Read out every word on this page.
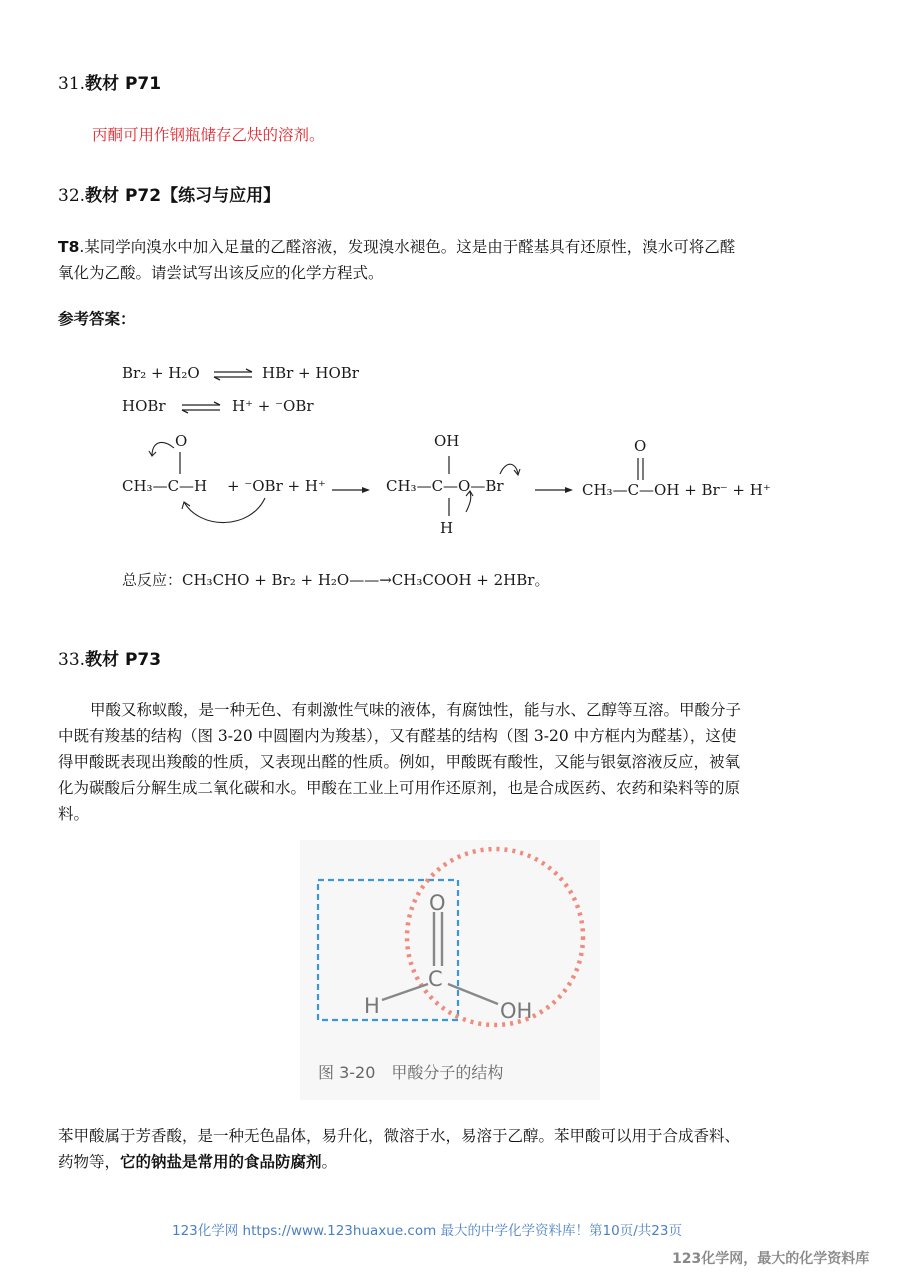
31.教材 P71
丙酮可用作钢瓶储存乙炔的溶剂。
32.教材 P72【练习与应用】
T8.某同学向溴水中加入足量的乙醛溶液，发现溴水褪色。这是由于醛基具有还原性，溴水可将乙醛
氧化为乙酸。请尝试写出该反应的化学方程式。
参考答案：
Br₂ + H₂O ⇌ HBr + HOBr
HOBr ⇌ H⁺ + ⁻OBr
O
CH₃—C—H + ⁻OBr + H⁺ →
OH
CH₃—C—O—Br
H
O
CH₃—C—OH + Br⁻ + H⁺
总反应：CH₃CHO + Br₂ + H₂O——→CH₃COOH + 2HBr。
33.教材 P73
甲酸又称蚁酸，是一种无色、有刺激性气味的液体，有腐蚀性，能与水、乙醇等互溶。甲酸分子
中既有羧基的结构（图 3-20 中圆圈内为羧基），又有醛基的结构（图 3-20 中方框内为醛基），这使
得甲酸既表现出羧酸的性质，又表现出醛的性质。例如，甲酸既有酸性，又能与银氨溶液反应，被氧
化为碳酸后分解生成二氧化碳和水。甲酸在工业上可用作还原剂，也是合成医药、农药和染料等的原
料。
O
C
H	OH
图 3-20　甲酸分子的结构
苯甲酸属于芳香酸，是一种无色晶体，易升化，微溶于水，易溶于乙醇。苯甲酸可以用于合成香料、
药物等，它的钠盐是常用的食品防腐剂。
123化学网 https://www.123huaxue.com 最大的中学化学资料库！第10页/共23页
123化学网，最大的化学资料库
